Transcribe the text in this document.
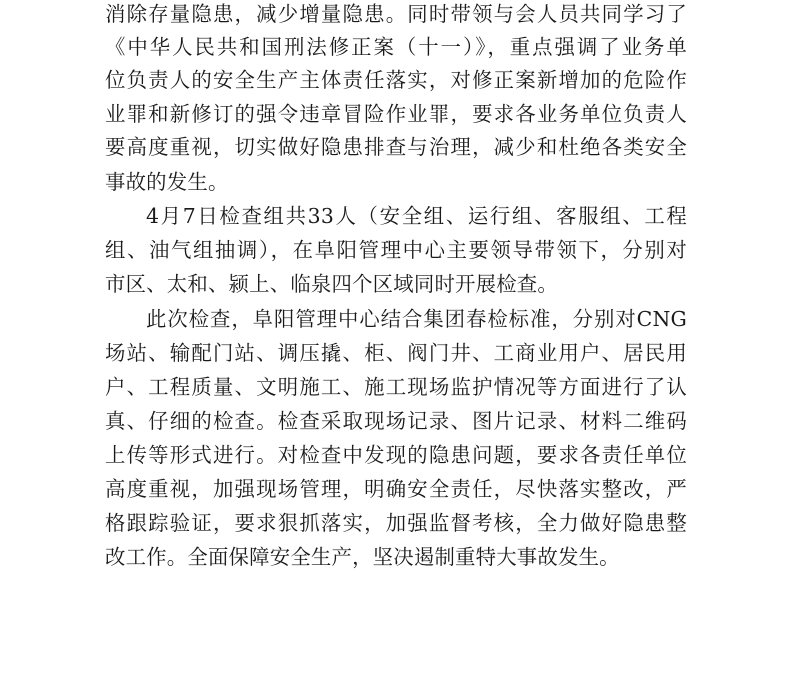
消除存量隐患，减少增量隐患。同时带领与会人员共同学习了
《中华人民共和国刑法修正案（十一）》，重点强调了业务单
位负责人的安全生产主体责任落实，对修正案新增加的危险作
业罪和新修订的强令违章冒险作业罪，要求各业务单位负责人
要高度重视，切实做好隐患排查与治理，减少和杜绝各类安全
事故的发生。
4月7日检查组共33人（安全组、运行组、客服组、工程
组、油气组抽调），在阜阳管理中心主要领导带领下，分别对
市区、太和、颍上、临泉四个区域同时开展检查。
此次检查，阜阳管理中心结合集团春检标准，分别对CNG
场站、输配门站、调压撬、柜、阀门井、工商业用户、居民用
户、工程质量、文明施工、施工现场监护情况等方面进行了认
真、仔细的检查。检查采取现场记录、图片记录、材料二维码
上传等形式进行。对检查中发现的隐患问题，要求各责任单位
高度重视，加强现场管理，明确安全责任，尽快落实整改，严
格跟踪验证，要求狠抓落实，加强监督考核，全力做好隐患整
改工作。全面保障安全生产，坚决遏制重特大事故发生。
